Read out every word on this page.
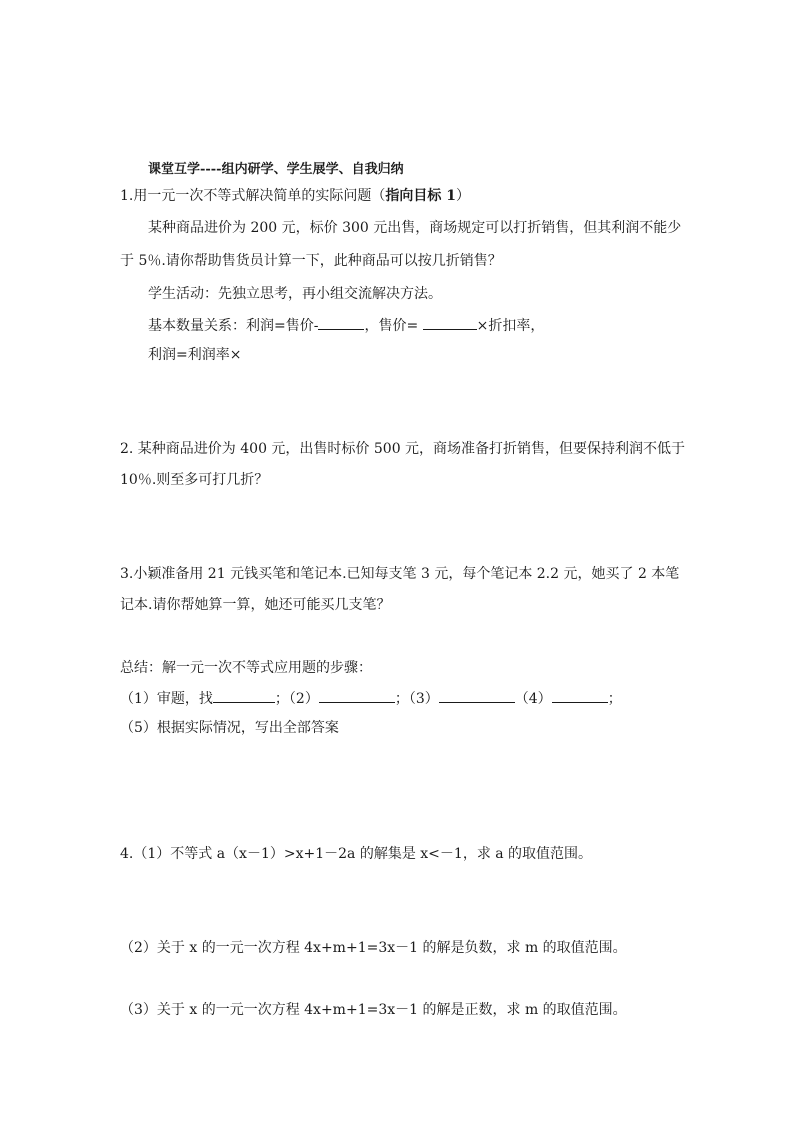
课堂互学----组内研学、学生展学、自我归纳
1.用一元一次不等式解决简单的实际问题（指向目标 1）
某种商品进价为 200 元，标价 300 元出售，商场规定可以打折销售，但其利润不能少
于 5％.请你帮助售货员计算一下，此种商品可以按几折销售？
学生活动：先独立思考，再小组交流解决方法。
基本数量关系：利润=售价-	，售价=	×折扣率，
利润=利润率×
2. 某种商品进价为 400 元，出售时标价 500 元，商场准备打折销售，但要保持利润不低于
10％.则至多可打几折？
3.小颖准备用 21 元钱买笔和笔记本.已知每支笔 3 元，每个笔记本 2.2 元，她买了 2 本笔
记本.请你帮她算一算，她还可能买几支笔？
总结：解一元一次不等式应用题的步骤：
（1）审题，找	；（2）	；（3）	（4）	；
（5）根据实际情况，写出全部答案
4.（1）不等式 a（x－1）>x+1－2a 的解集是 x<－1，求 a 的取值范围。
（2）关于 x 的一元一次方程 4x+m+1=3x－1 的解是负数，求 m 的取值范围。
（3）关于 x 的一元一次方程 4x+m+1=3x－1 的解是正数，求 m 的取值范围。
